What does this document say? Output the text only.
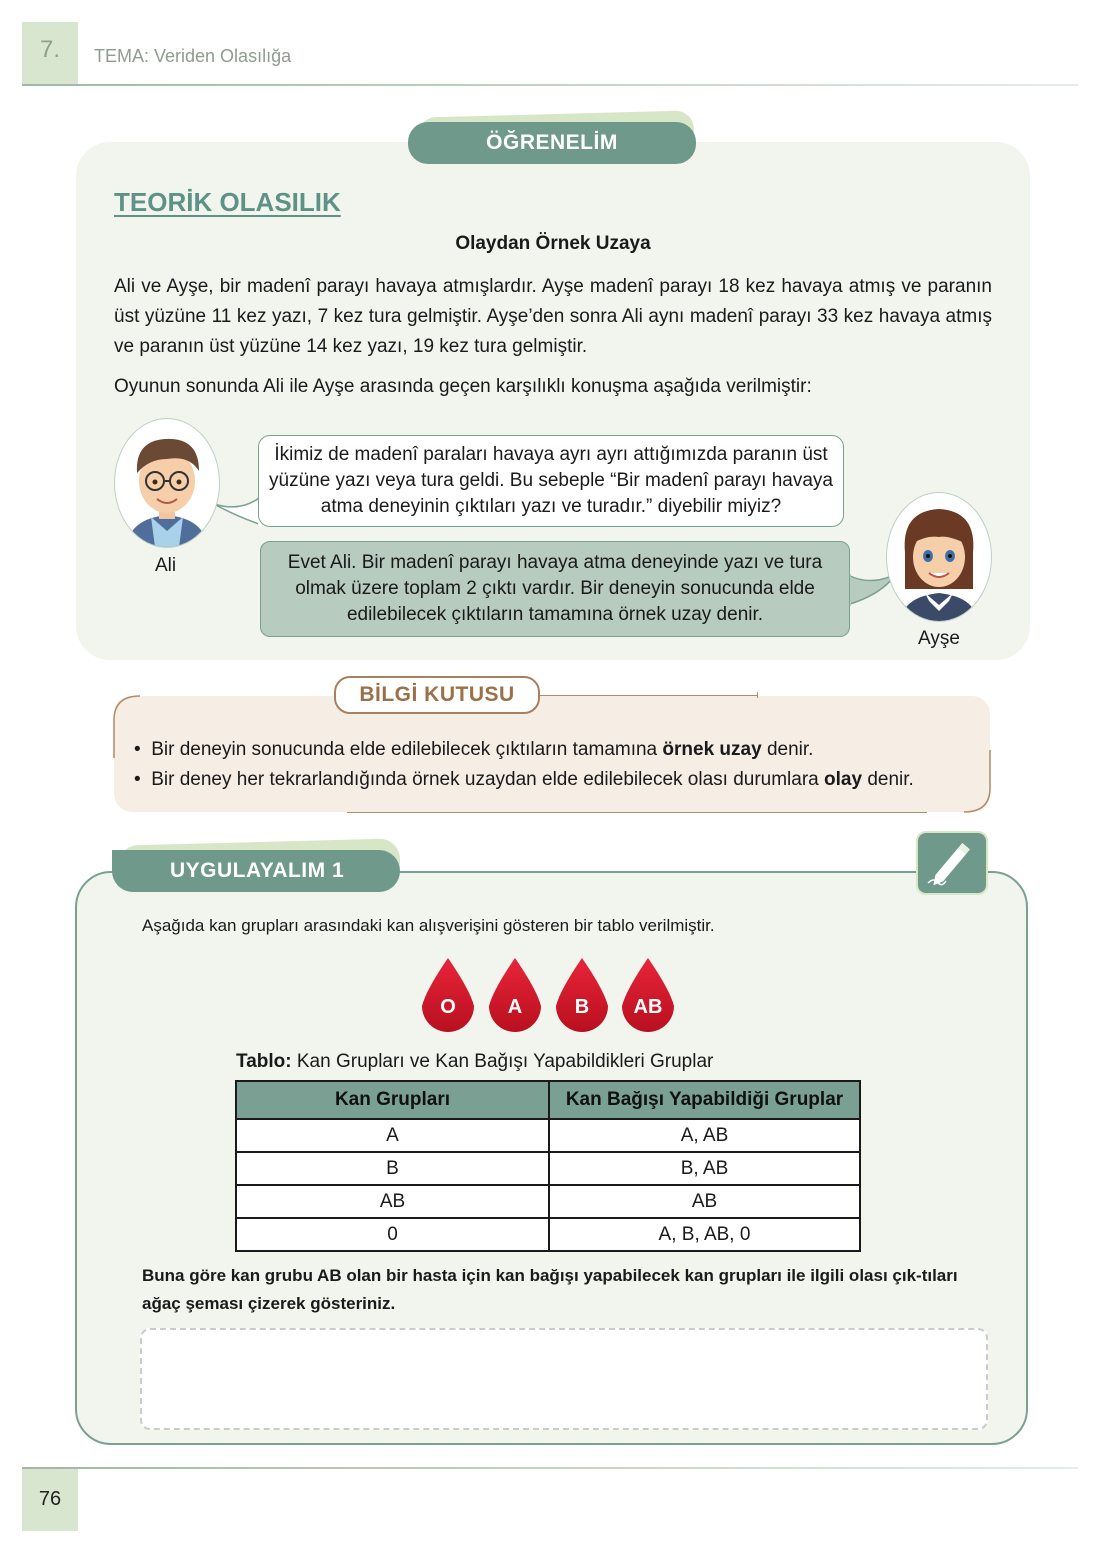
7.	TEMA: Veriden Olasılığa
ÖĞRENELİM
TEORİK OLASILIK
Olaydan Örnek Uzaya
Ali ve Ayşe, bir madenî parayı havaya atmışlardır. Ayşe madenî parayı 18 kez havaya atmış ve paranın üst yüzüne 11 kez yazı, 7 kez tura gelmiştir. Ayşe’den sonra Ali aynı madenî parayı 33 kez havaya atmış ve paranın üst yüzüne 14 kez yazı, 19 kez tura gelmiştir.
Oyunun sonunda Ali ile Ayşe arasında geçen karşılıklı konuşma aşağıda verilmiştir:
İkimiz de madenî paraları havaya ayrı ayrı attığımızda paranın üst yüzüne yazı veya tura geldi. Bu sebeple “Bir madenî parayı havaya atma deneyinin çıktıları yazı ve turadır.” diyebilir miyiz?
Evet Ali. Bir madenî parayı havaya atma deneyinde yazı ve tura olmak üzere toplam 2 çıktı vardır. Bir deneyin sonucunda elde edilebilecek çıktıların tamamına örnek uzay denir.
Ali
Ayşe
BİLGİ KUTUSU
•  Bir deneyin sonucunda elde edilebilecek çıktıların tamamına örnek uzay denir.
•  Bir deney her tekrarlandığında örnek uzaydan elde edilebilecek olası durumlara olay denir.
UYGULAYALIM 1
Aşağıda kan grupları arasındaki kan alışverişini gösteren bir tablo verilmiştir.
O	A	B AB
Tablo: Kan Grupları ve Kan Bağışı Yapabildikleri Gruplar
Kan Grupları	Kan Bağışı Yapabildiği Gruplar
A	A, AB
B	B, AB
AB	AB
0	A, B, AB, 0
Buna göre kan grubu AB olan bir hasta için kan bağışı yapabilecek kan grupları ile ilgili olası çık-tıları ağaç şeması çizerek gösteriniz.
76
